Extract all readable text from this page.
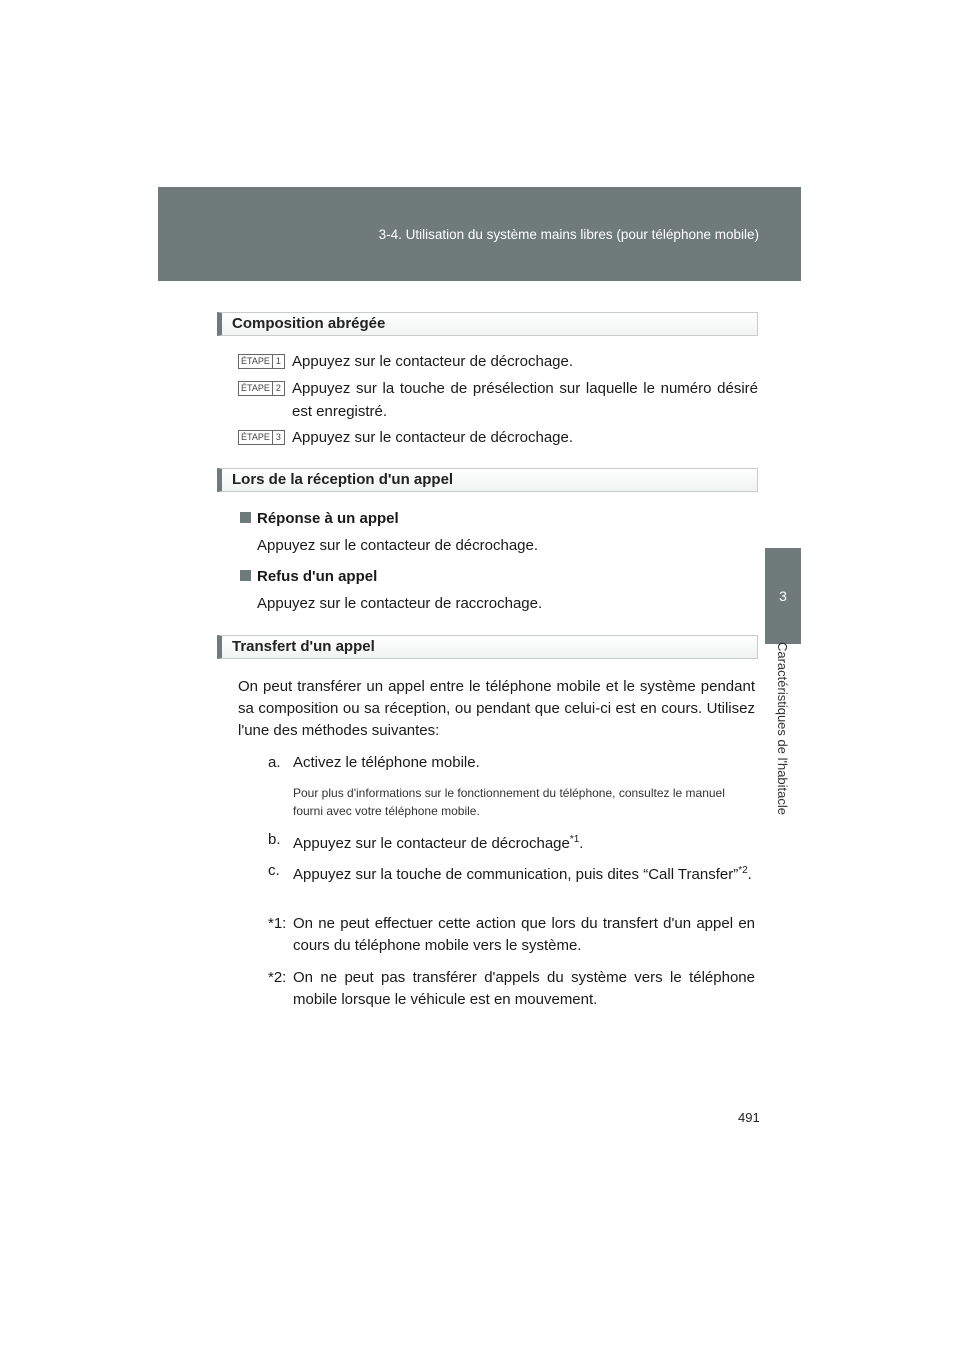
3-4. Utilisation du système mains libres (pour téléphone mobile)
3
Caractéristiques de l'habitacle
Composition abrégée
ÉTAPE 1 Appuyez sur le contacteur de décrochage.
ÉTAPE 2 Appuyez sur la touche de présélection sur laquelle le numéro désiré est enregistré.
ÉTAPE 3 Appuyez sur le contacteur de décrochage.
Lors de la réception d'un appel
Réponse à un appel
Appuyez sur le contacteur de décrochage.
Refus d'un appel
Appuyez sur le contacteur de raccrochage.
Transfert d'un appel
On peut transférer un appel entre le téléphone mobile et le système pendant sa composition ou sa réception, ou pendant que celui-ci est en cours. Utilisez l'une des méthodes suivantes:
a. Activez le téléphone mobile.
Pour plus d'informations sur le fonctionnement du téléphone, consultez le manuel fourni avec votre téléphone mobile.
b. Appuyez sur le contacteur de décrochage$^{*1}$.
c. Appuyez sur la touche de communication, puis dites “Call Transfer”$^{*2}$.
*1: On ne peut effectuer cette action que lors du transfert d'un appel en cours du téléphone mobile vers le système.
*2: On ne peut pas transférer d'appels du système vers le téléphone mobile lorsque le véhicule est en mouvement.
491
